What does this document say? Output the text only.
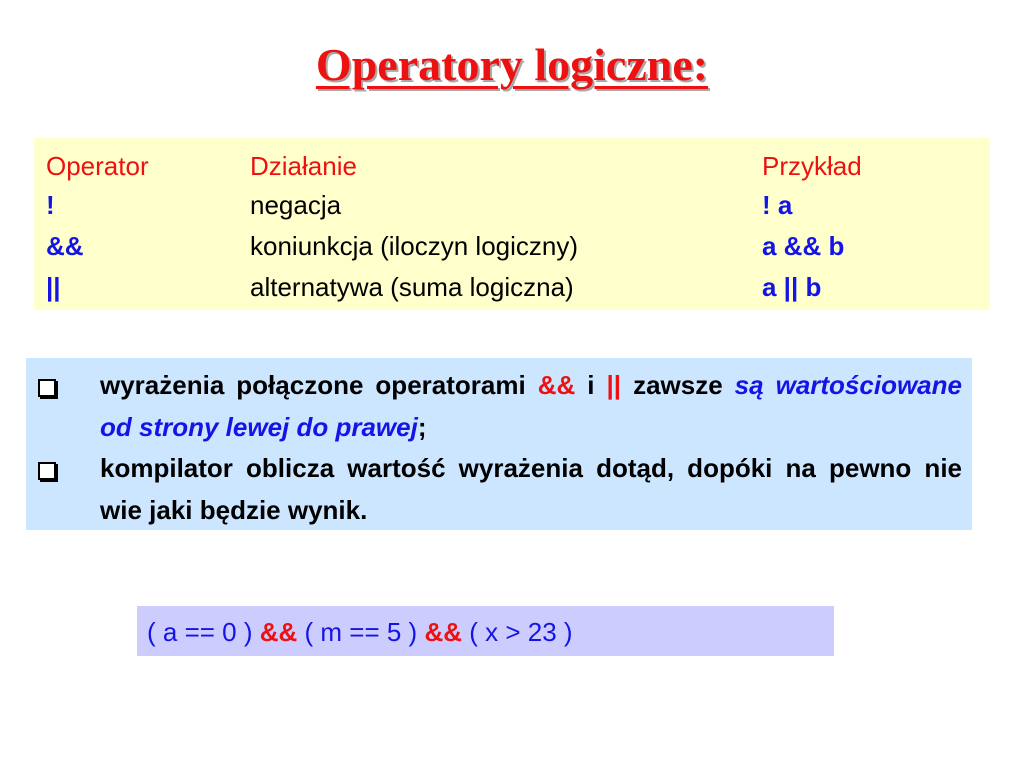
Operatory logiczne:
Operator	Działanie	Przykład
!	negacja	! a
&&	koniunkcja (iloczyn logiczny)	a && b
||	alternatywa (suma logiczna)	a || b
wyrażenia połączone operatorami && i || zawsze są wartościowane od strony lewej do prawej;
kompilator oblicza wartość wyrażenia dotąd, dopóki na pewno nie wie jaki będzie wynik.
( a == 0 ) && ( m == 5 ) && ( x > 23 )
